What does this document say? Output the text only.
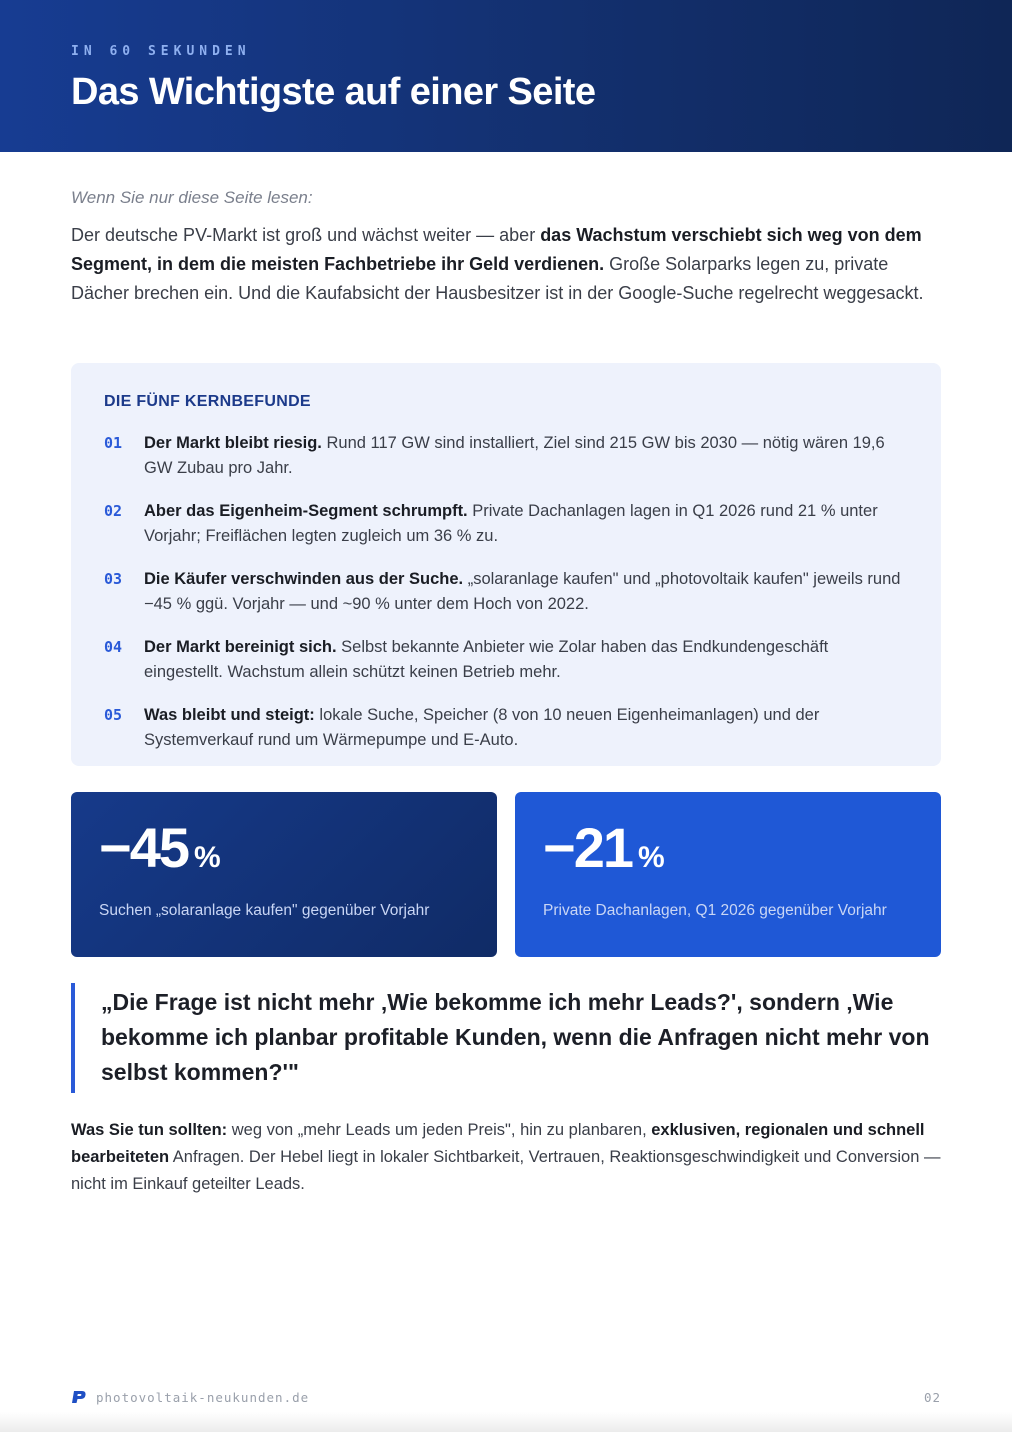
IN 60 SEKUNDEN
Das Wichtigste auf einer Seite
Wenn Sie nur diese Seite lesen:

Der deutsche PV-Markt ist groß und wächst weiter — aber das Wachstum verschiebt sich weg von dem Segment, in dem die meisten Fachbetriebe ihr Geld verdienen. Große Solarparks legen zu, private Dächer brechen ein. Und die Kaufabsicht der Hausbesitzer ist in der Google-Suche regelrecht weggesackt.

DIE FÜNF KERNBEFUNDE
01 Der Markt bleibt riesig. Rund 117 GW sind installiert, Ziel sind 215 GW bis 2030 — nötig wären 19,6 GW Zubau pro Jahr.
02 Aber das Eigenheim-Segment schrumpft. Private Dachanlagen lagen in Q1 2026 rund 21 % unter Vorjahr; Freiflächen legten zugleich um 36 % zu.
03 Die Käufer verschwinden aus der Suche. „solaranlage kaufen" und „photovoltaik kaufen" jeweils rund −45 % ggü. Vorjahr — und ~90 % unter dem Hoch von 2022.
04 Der Markt bereinigt sich. Selbst bekannte Anbieter wie Zolar haben das Endkundengeschäft eingestellt. Wachstum allein schützt keinen Betrieb mehr.
05 Was bleibt und steigt: lokale Suche, Speicher (8 von 10 neuen Eigenheimanlagen) und der Systemverkauf rund um Wärmepumpe und E-Auto.
−45 %
Suchen „solaranlage kaufen" gegenüber Vorjahr
−21 %
Private Dachanlagen, Q1 2026 gegenüber Vorjahr
„Die Frage ist nicht mehr ‚Wie bekomme ich mehr Leads?', sondern ‚Wie bekomme ich planbar profitable Kunden, wenn die Anfragen nicht mehr von selbst kommen?'"

Was Sie tun sollten: weg von „mehr Leads um jeden Preis", hin zu planbaren, exklusiven, regionalen und schnell bearbeiteten Anfragen. Der Hebel liegt in lokaler Sichtbarkeit, Vertrauen, Reaktionsgeschwindigkeit und Conversion — nicht im Einkauf geteilter Leads.

photovoltaik-neukunden.de	02
